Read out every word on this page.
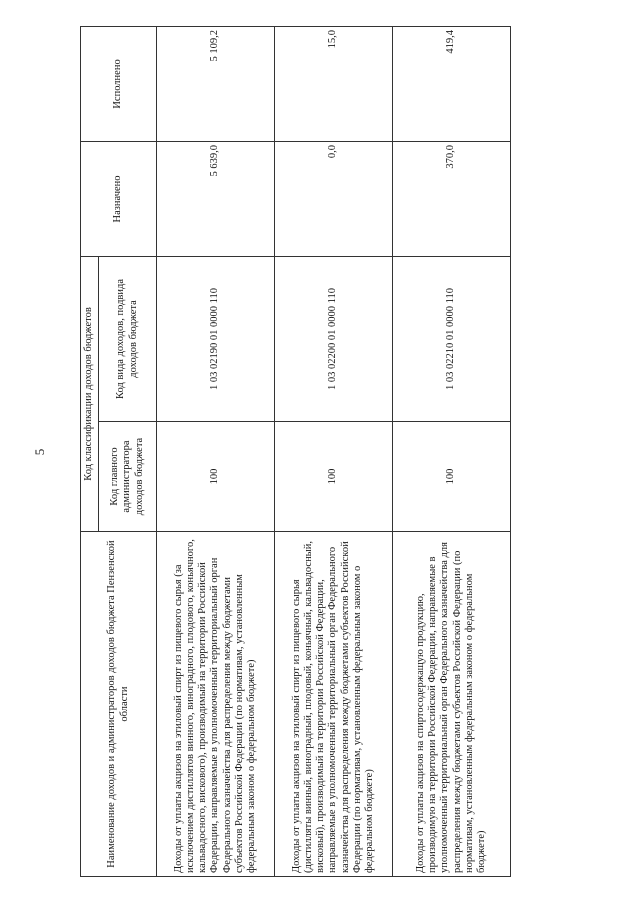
5
Наименование доходов и администраторов доходов бюджета Пензенской области	Код классификации доходов бюджетов		Назначено	Исполнено
	Код главного администратора доходов бюджета	Код вида доходов, подвида доходов бюджета		
Доходы от уплаты акцизов на этиловый спирт из пищевого сырья (за исключением дистиллятов винного, виноградного, плодового, коньячного, кальвадосного, вискового), производимый на территории Российской Федерации, направляемые в уполномоченный территориальный орган Федерального казначейства для распределения между бюджетами субъектов Российской Федерации (по нормативам, установленным федеральным законом о федеральном бюджете)	100	1 03 02190 01 0000 110	5 639,0	5 109,2
Доходы от уплаты акцизов на этиловый спирт из пищевого сырья (дистилляты винный, виноградный, плодовый, коньячный, кальвадосный, висковый), производимый на территории Российской Федерации, направляемые в уполномоченный территориальный орган Федерального казначейства для распределения между бюджетами субъектов Российской Федерации (по нормативам, установленным федеральным законом о федеральном бюджете)	100	1 03 02200 01 0000 110	0,0	15,0
Доходы от уплаты акцизов на спиртосодержащую продукцию, производимую на территории Российской Федерации, направляемые в уполномоченный территориальный орган Федерального казначейства для распределения между бюджетами субъектов Российской Федерации (по нормативам, установленным федеральным законом о федеральном бюджете)	100	1 03 02210 01 0000 110	370,0	419,4
